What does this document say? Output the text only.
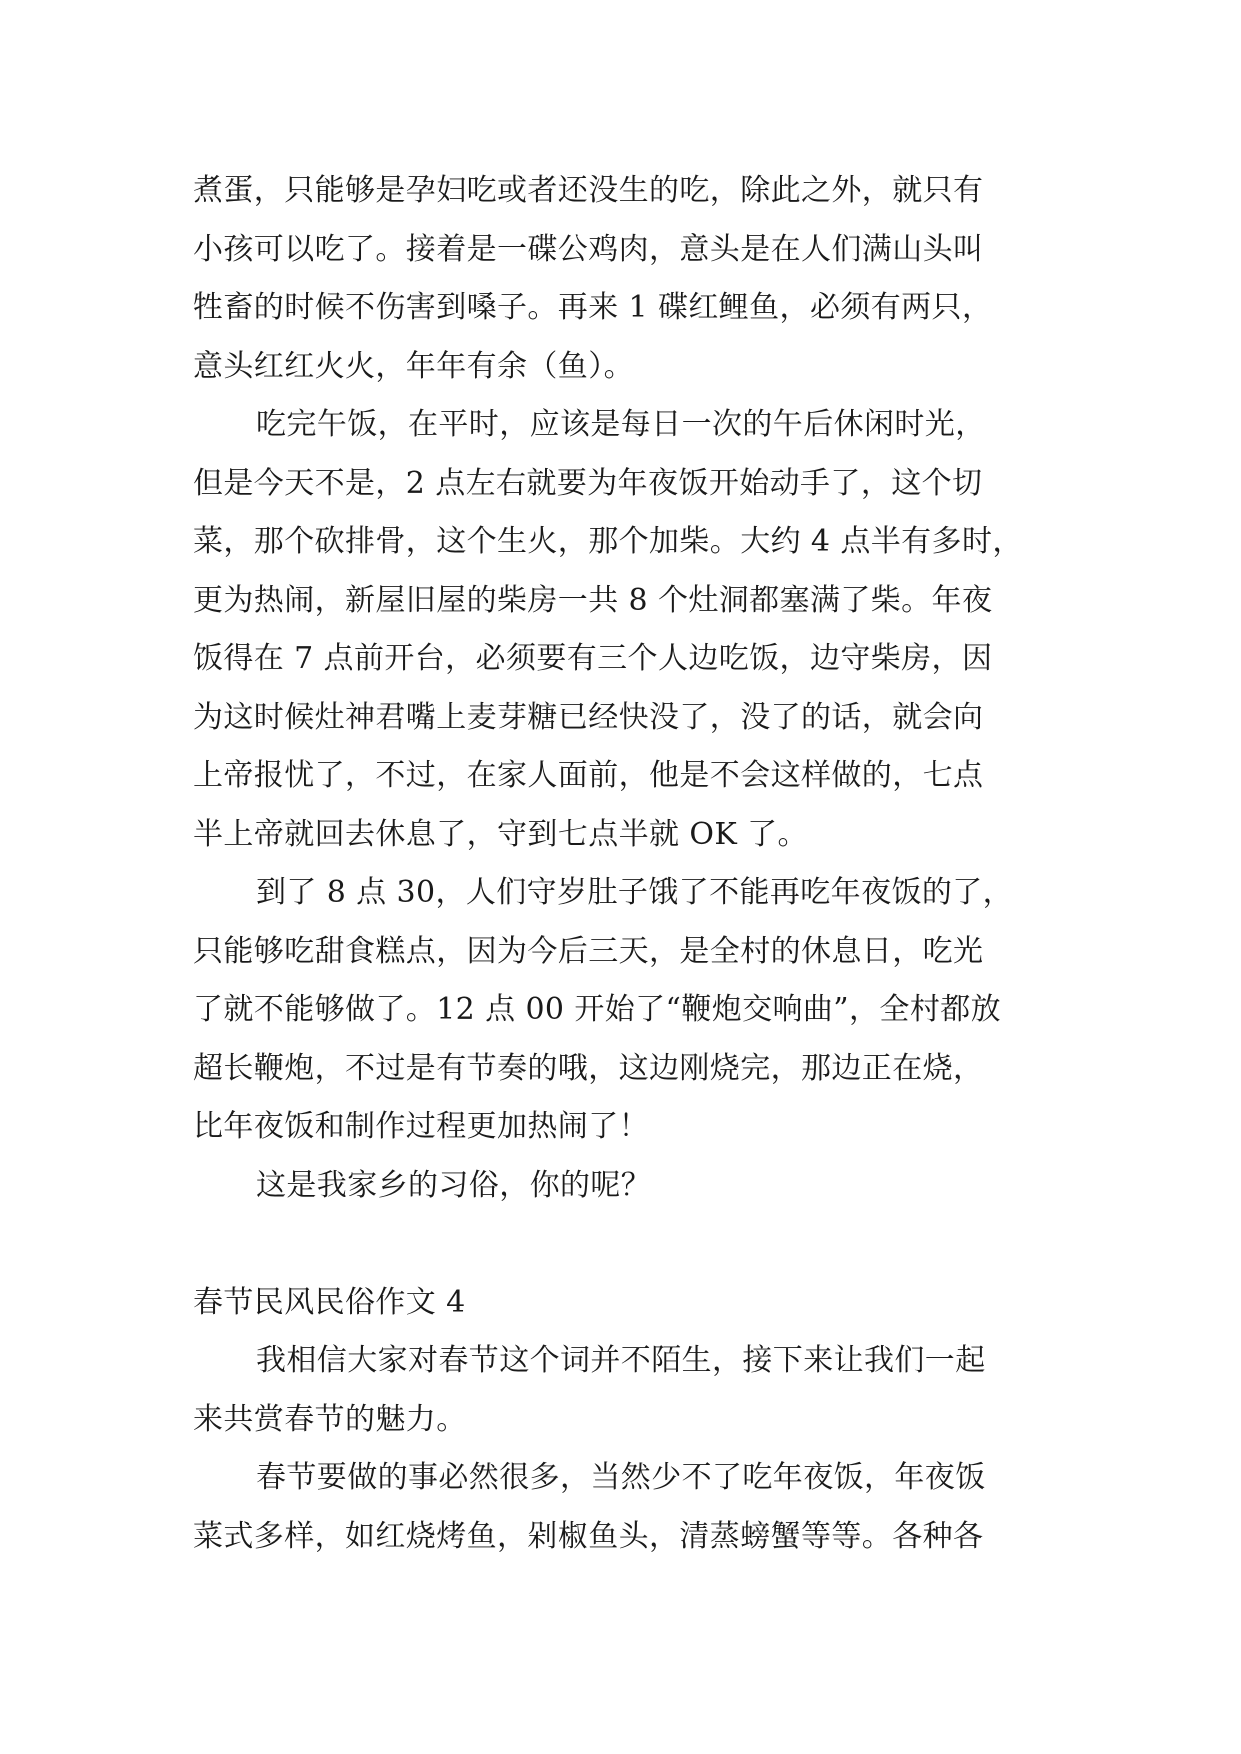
煮蛋，只能够是孕妇吃或者还没生的吃，除此之外，就只有
小孩可以吃了。接着是一碟公鸡肉，意头是在人们满山头叫
牲畜的时候不伤害到嗓子。再来 1 碟红鲤鱼，必须有两只，
意头红红火火，年年有余（鱼）。
吃完午饭，在平时，应该是每日一次的午后休闲时光，
但是今天不是，2 点左右就要为年夜饭开始动手了，这个切
菜，那个砍排骨，这个生火，那个加柴。大约 4 点半有多时，
更为热闹，新屋旧屋的柴房一共 8 个灶洞都塞满了柴。年夜
饭得在 7 点前开台，必须要有三个人边吃饭，边守柴房，因
为这时候灶神君嘴上麦芽糖已经快没了，没了的话，就会向
上帝报忧了，不过，在家人面前，他是不会这样做的，七点
半上帝就回去休息了，守到七点半就 OK 了。
到了 8 点 30，人们守岁肚子饿了不能再吃年夜饭的了，
只能够吃甜食糕点，因为今后三天，是全村的休息日，吃光
了就不能够做了。12 点 00 开始了“鞭炮交响曲”，全村都放
超长鞭炮，不过是有节奏的哦，这边刚烧完，那边正在烧，
比年夜饭和制作过程更加热闹了！
这是我家乡的习俗，你的呢？
春节民风民俗作文 4
我相信大家对春节这个词并不陌生，接下来让我们一起
来共赏春节的魅力。
春节要做的事必然很多，当然少不了吃年夜饭，年夜饭
菜式多样，如红烧烤鱼，剁椒鱼头，清蒸螃蟹等等。各种各
